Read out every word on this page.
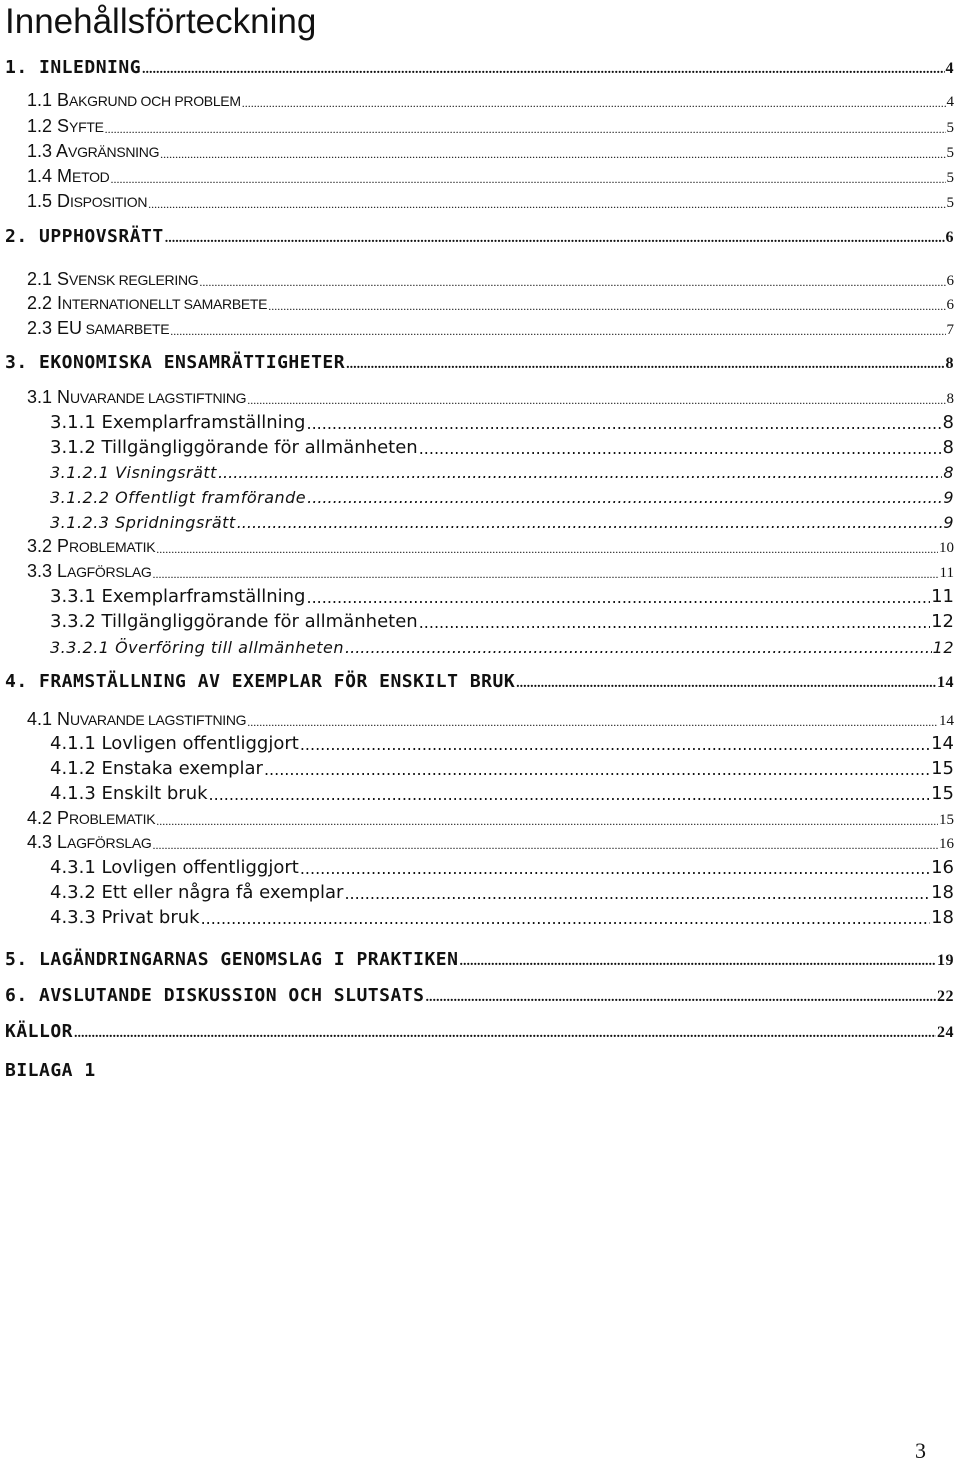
Innehållsförteckning
1. INLEDNING .....	4
1.1 BAKGRUND OCH PROBLEM .....	4
1.2 SYFTE .....	5
1.3 AVGRÄNSNING .....	5
1.4 METOD .....	5
1.5 DISPOSITION .....	5
2. UPPHOVSRÄTT .....	6
2.1 SVENSK REGLERING .....	6
2.2 INTERNATIONELLT SAMARBETE .....	6
2.3 EU SAMARBETE .....	7
3. EKONOMISKA ENSAMRÄTTIGHETER .....	8
3.1 NUVARANDE LAGSTIFTNING .....	8
3.1.1 Exemplarframställning .....	8
3.1.2 Tillgängliggörande för allmänheten .....	8
3.1.2.1 Visningsrätt .....	8
3.1.2.2 Offentligt framförande .....	9
3.1.2.3 Spridningsrätt .....	9
3.2 PROBLEMATIK .....	10
3.3 LAGFÖRSLAG .....	11
3.3.1 Exemplarframställning .....	11
3.3.2 Tillgängliggörande för allmänheten .....	12
3.3.2.1 Överföring till allmänheten .....	12
4. FRAMSTÄLLNING AV EXEMPLAR FÖR ENSKILT BRUK .....	14
4.1 NUVARANDE LAGSTIFTNING .....	14
4.1.1 Lovligen offentliggjort .....	14
4.1.2 Enstaka exemplar .....	15
4.1.3 Enskilt bruk .....	15
4.2 PROBLEMATIK .....	15
4.3 LAGFÖRSLAG .....	16
4.3.1 Lovligen offentliggjort .....	16
4.3.2 Ett eller några få exemplar .....	18
4.3.3 Privat bruk .....	18
5. LAGÄNDRINGARNAS GENOMSLAG I PRAKTIKEN .....	19
6. AVSLUTANDE DISKUSSION OCH SLUTSATS .....	22
KÄLLOR .....	24
BILAGA 1
3
